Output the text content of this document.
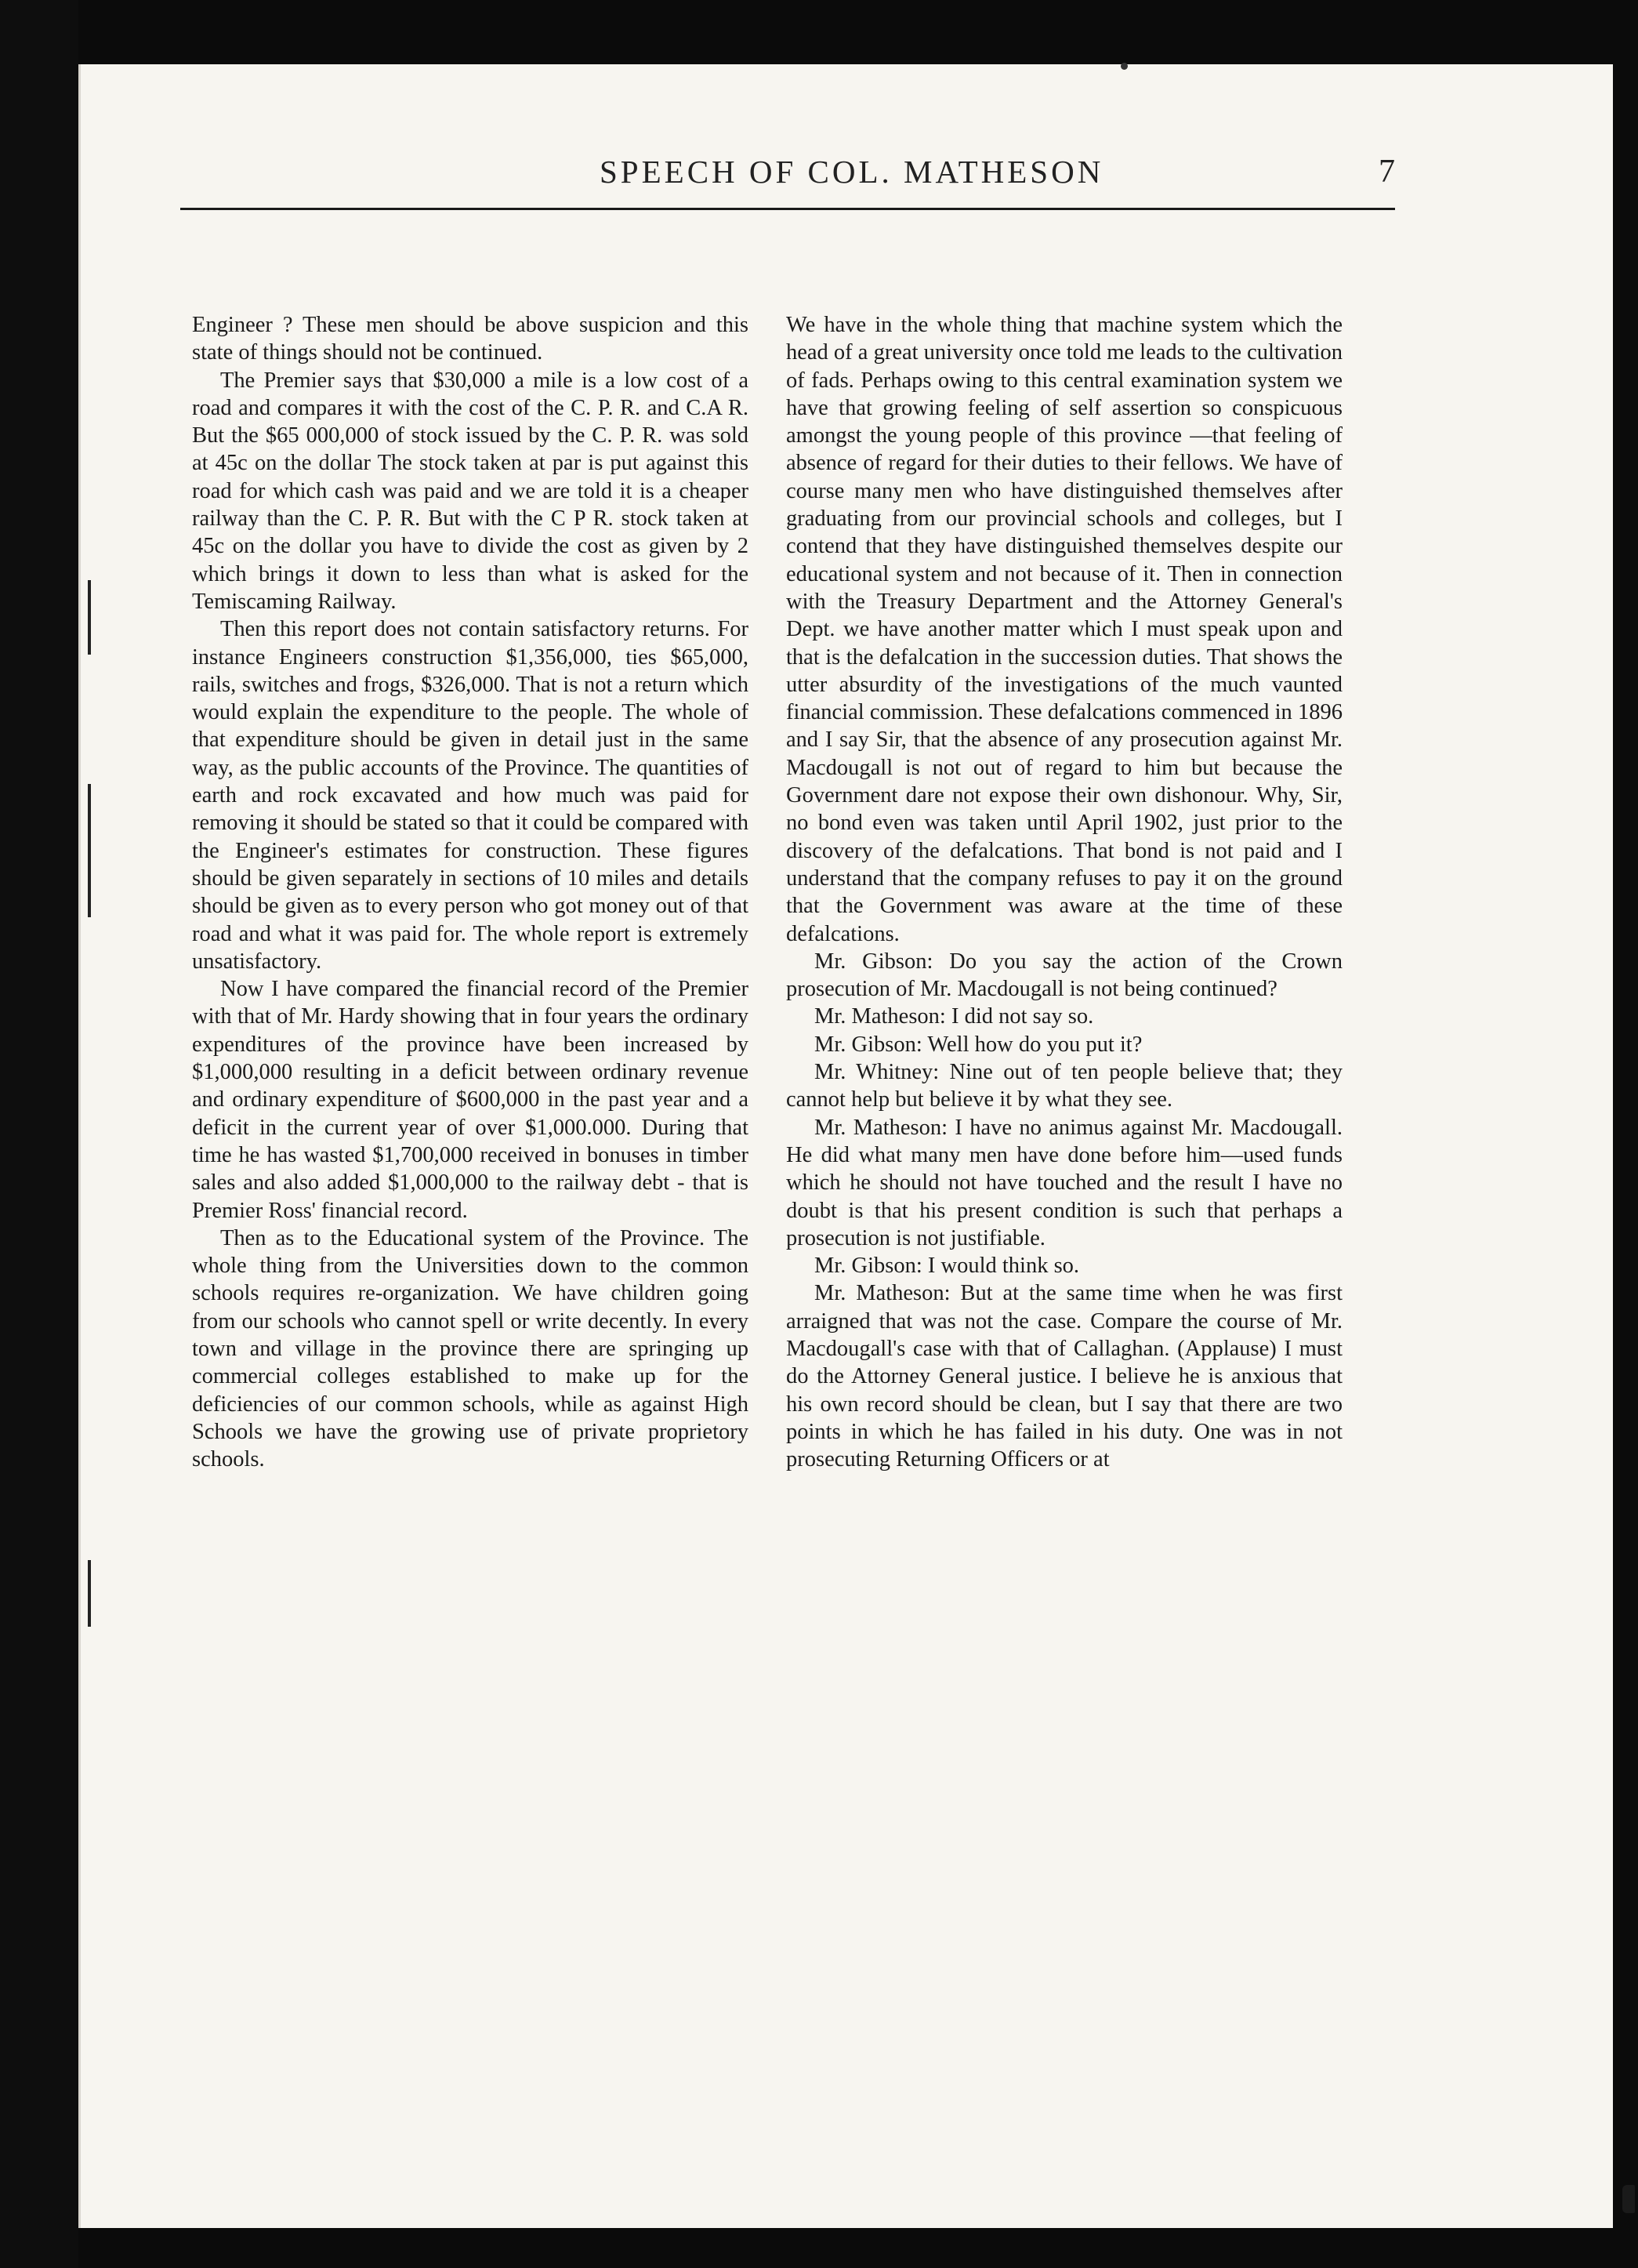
SPEECH OF COL. MATHESON	7

Engineer ? These men should be above suspicion and this state of things should not be continued.

The Premier says that $30,000 a mile is a low cost of a road and compares it with the cost of the C. P. R. and C.A R. But the $65 000,000 of stock issued by the C. P. R. was sold at 45c on the dollar The stock taken at par is put against this road for which cash was paid and we are told it is a cheaper railway than the C. P. R. But with the C P R. stock taken at 45c on the dollar you have to divide the cost as given by 2 which brings it down to less than what is asked for the Temiscaming Railway.

Then this report does not contain satisfactory returns. For instance Engineers construction $1,356,000, ties $65,000, rails, switches and frogs, $326,000. That is not a return which would explain the expenditure to the people. The whole of that expenditure should be given in detail just in the same way, as the public accounts of the Province. The quantities of earth and rock excavated and how much was paid for removing it should be stated so that it could be compared with the Engineer's estimates for construction. These figures should be given separately in sections of 10 miles and details should be given as to every person who got money out of that road and what it was paid for. The whole report is extremely unsatisfactory.

Now I have compared the financial record of the Premier with that of Mr. Hardy showing that in four years the ordinary expenditures of the province have been increased by $1,000,000 resulting in a deficit between ordinary revenue and ordinary expenditure of $600,000 in the past year and a deficit in the current year of over $1,000.000. During that time he has wasted $1,700,000 received in bonuses in timber sales and also added $1,000,000 to the railway debt - that is Premier Ross' financial record.

Then as to the Educational system of the Province. The whole thing from the Universities down to the common schools requires re-organization. We have children going from our schools who cannot spell or write decently. In every town and village in the province there are springing up commercial colleges established to make up for the deficiencies of our common schools, while as against High Schools we have the growing use of private proprietory schools.

We have in the whole thing that machine system which the head of a great university once told me leads to the cultivation of fads. Perhaps owing to this central examination system we have that growing feeling of self assertion so conspicuous amongst the young people of this province —that feeling of absence of regard for their duties to their fellows. We have of course many men who have distinguished themselves after graduating from our provincial schools and colleges, but I contend that they have distinguished themselves despite our educational system and not because of it. Then in connection with the Treasury Department and the Attorney General's Dept. we have another matter which I must speak upon and that is the defalcation in the succession duties. That shows the utter absurdity of the investigations of the much vaunted financial commission. These defalcations commenced in 1896 and I say Sir, that the absence of any prosecution against Mr. Macdougall is not out of regard to him but because the Government dare not expose their own dishonour. Why, Sir, no bond even was taken until April 1902, just prior to the discovery of the defalcations. That bond is not paid and I understand that the company refuses to pay it on the ground that the Government was aware at the time of these defalcations.

Mr. Gibson: Do you say the action of the Crown prosecution of Mr. Macdougall is not being continued?

Mr. Matheson: I did not say so.

Mr. Gibson: Well how do you put it?

Mr. Whitney: Nine out of ten people believe that; they cannot help but believe it by what they see.

Mr. Matheson: I have no animus against Mr. Macdougall. He did what many men have done before him—used funds which he should not have touched and the result I have no doubt is that his present condition is such that perhaps a prosecution is not justifiable.

Mr. Gibson: I would think so.

Mr. Matheson: But at the same time when he was first arraigned that was not the case. Compare the course of Mr. Macdougall's case with that of Callaghan. (Applause) I must do the Attorney General justice. I believe he is anxious that his own record should be clean, but I say that there are two points in which he has failed in his duty. One was in not prosecuting Returning Officers or at
